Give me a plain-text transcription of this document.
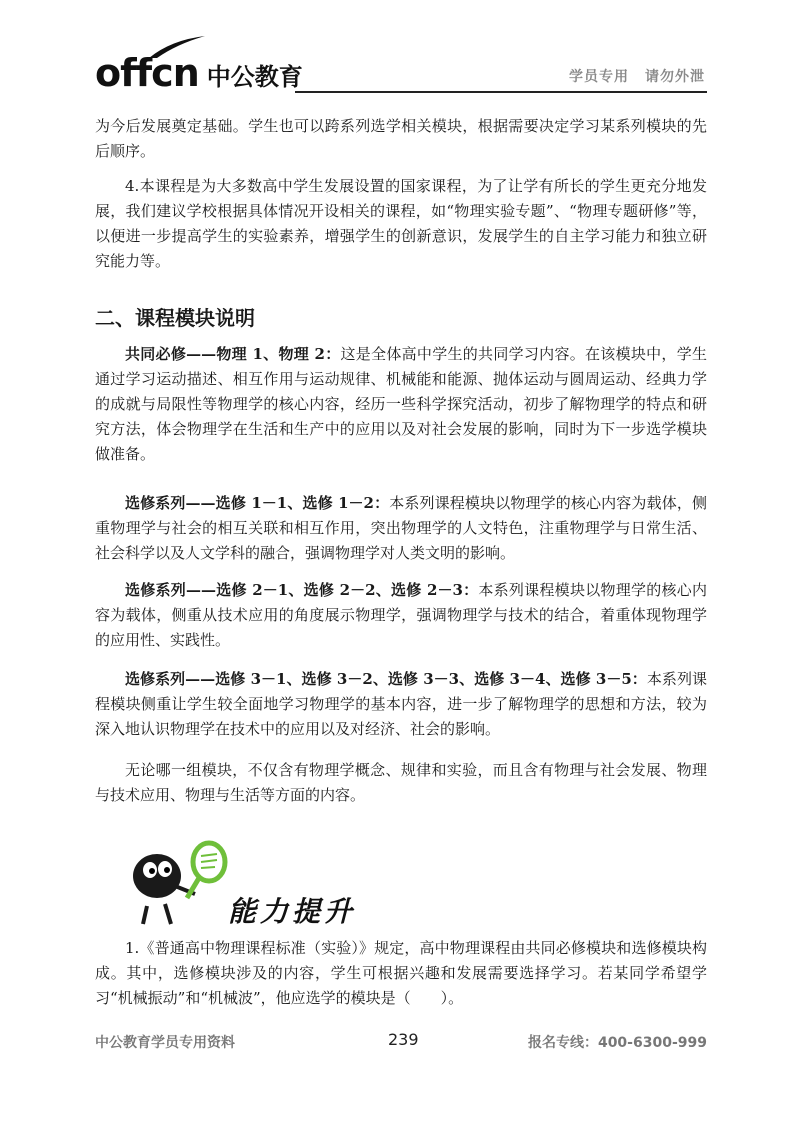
offcn 中公教育	学员专用 请勿外泄

为今后发展奠定基础。学生也可以跨系列选学相关模块，根据需要决定学习某系列模块的先后顺序。

4.本课程是为大多数高中学生发展设置的国家课程，为了让学有所长的学生更充分地发展，我们建议学校根据具体情况开设相关的课程，如“物理实验专题”、“物理专题研修”等，以便进一步提高学生的实验素养，增强学生的创新意识，发展学生的自主学习能力和独立研究能力等。

二、课程模块说明

共同必修——物理 1、物理 2：这是全体高中学生的共同学习内容。在该模块中，学生通过学习运动描述、相互作用与运动规律、机械能和能源、抛体运动与圆周运动、经典力学的成就与局限性等物理学的核心内容，经历一些科学探究活动，初步了解物理学的特点和研究方法，体会物理学在生活和生产中的应用以及对社会发展的影响，同时为下一步选学模块做准备。

选修系列——选修 1－1、选修 1－2：本系列课程模块以物理学的核心内容为载体，侧重物理学与社会的相互关联和相互作用，突出物理学的人文特色，注重物理学与日常生活、社会科学以及人文学科的融合，强调物理学对人类文明的影响。

选修系列——选修 2－1、选修 2－2、选修 2－3：本系列课程模块以物理学的核心内容为载体，侧重从技术应用的角度展示物理学，强调物理学与技术的结合，着重体现物理学的应用性、实践性。

选修系列——选修 3－1、选修 3－2、选修 3－3、选修 3－4、选修 3－5：本系列课程模块侧重让学生较全面地学习物理学的基本内容，进一步了解物理学的思想和方法，较为深入地认识物理学在技术中的应用以及对经济、社会的影响。

无论哪一组模块，不仅含有物理学概念、规律和实验，而且含有物理与社会发展、物理与技术应用、物理与生活等方面的内容。

能力提升

1.《普通高中物理课程标准（实验）》规定，高中物理课程由共同必修模块和选修模块构成。其中，选修模块涉及的内容，学生可根据兴趣和发展需要选择学习。若某同学希望学习“机械振动”和“机械波”，他应选学的模块是（　　）。

中公教育学员专用资料	239	报名专线：400-6300-999
